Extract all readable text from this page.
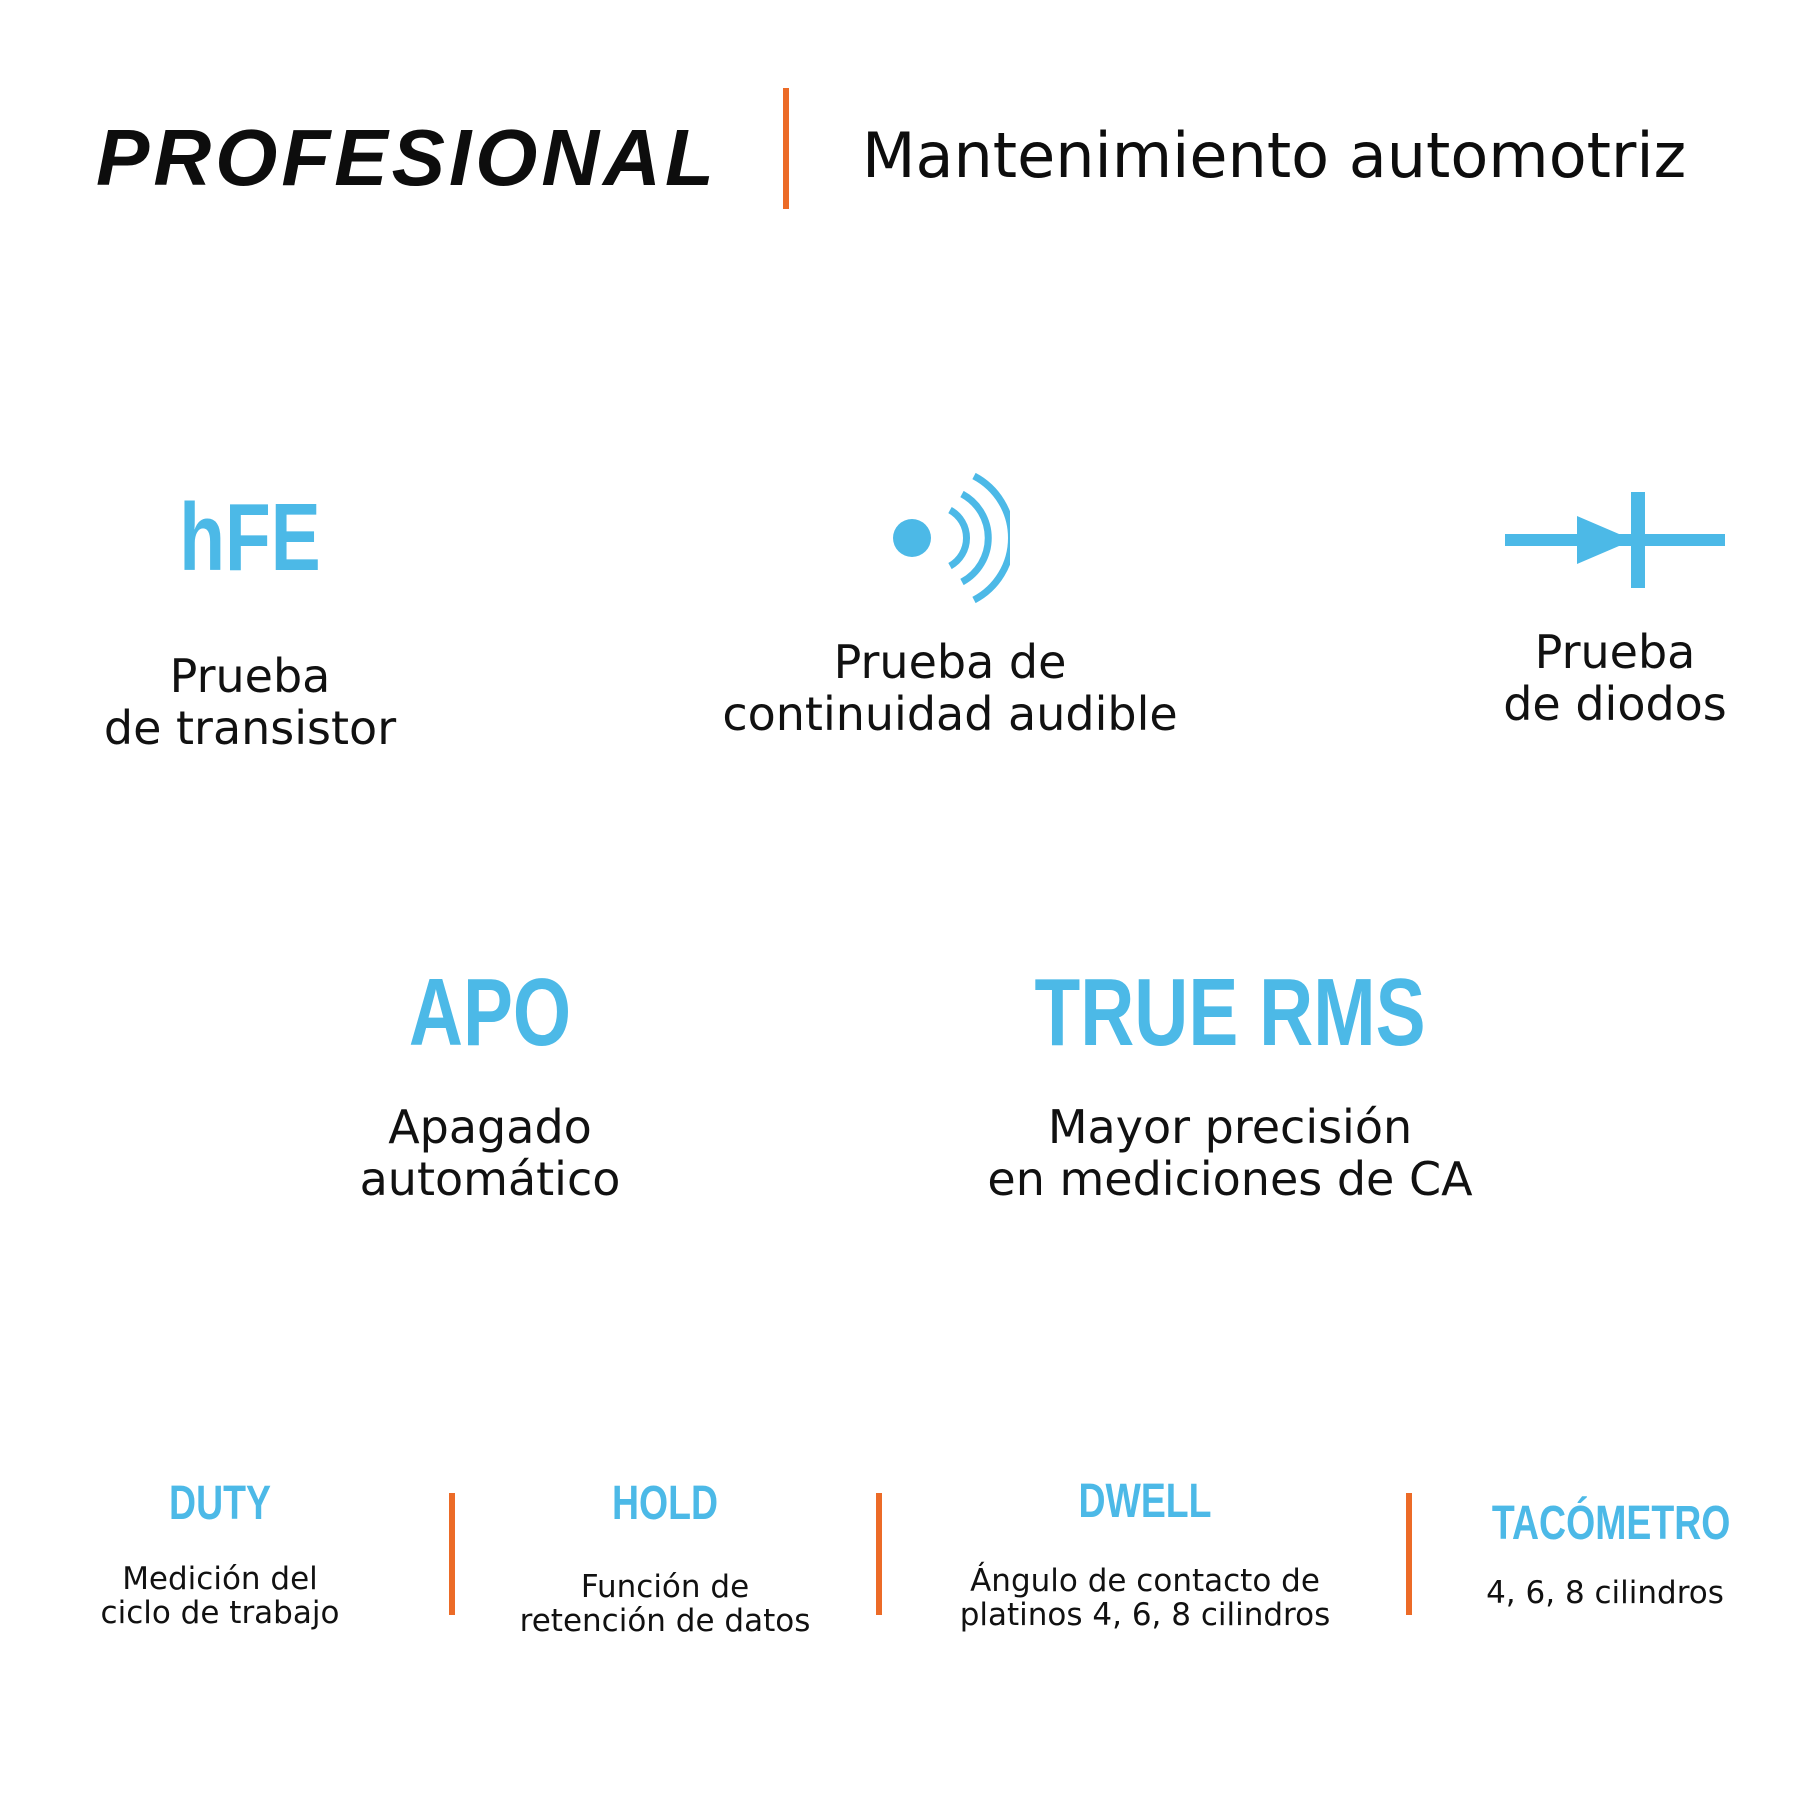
PROFESIONAL Mantenimiento automotriz
hFE
Prueba
de transistor
Prueba de
continuidad audible
Prueba
de diodos
APO
Apagado
automático
TRUE RMS
Mayor precisión
en mediciones de CA
DUTY
Medición del
ciclo de trabajo
HOLD
Función de
retención de datos
DWELL
Ángulo de contacto de
platinos 4, 6, 8 cilindros
TACÓMETRO
4, 6, 8 cilindros
